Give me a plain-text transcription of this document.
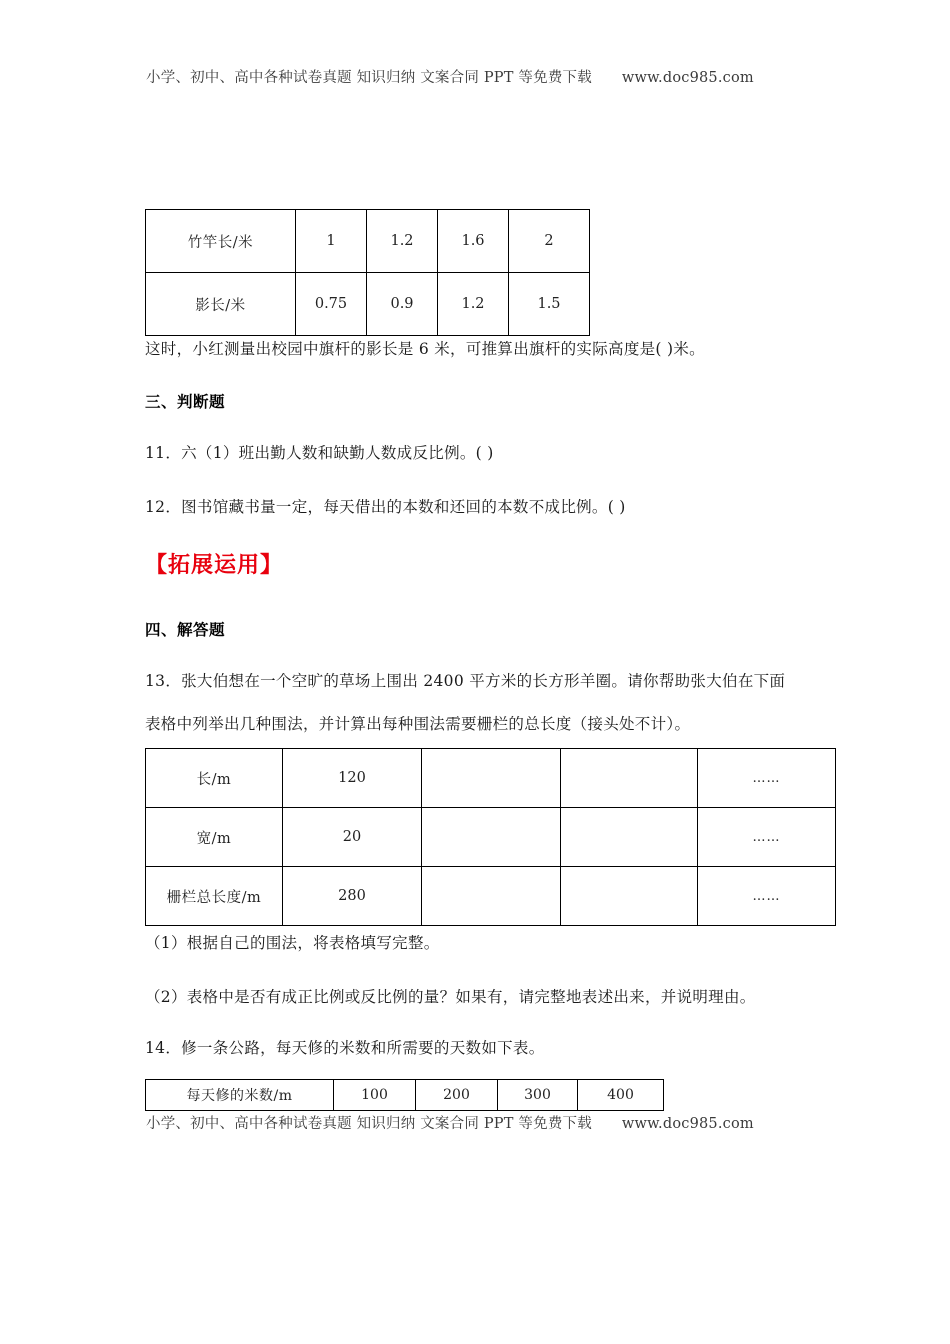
小学、初中、高中各种试卷真题 知识归纳 文案合同 PPT 等免费下载 www.doc985.com
竹竿长/米	1	1.2	1.6	2
影长/米	0.75	0.9	1.2	1.5
这时，小红测量出校园中旗杆的影长是 6 米，可推算出旗杆的实际高度是( )米。
三、判断题
11．六（1）班出勤人数和缺勤人数成反比例。( )
12．图书馆藏书量一定，每天借出的本数和还回的本数不成比例。( )
【拓展运用】
四、解答题
13．张大伯想在一个空旷的草场上围出 2400 平方米的长方形羊圈。请你帮助张大伯在下面
表格中列举出几种围法，并计算出每种围法需要栅栏的总长度（接头处不计）。
长/m	120			……
宽/m	20			……
栅栏总长度/m	280			……
（1）根据自己的围法，将表格填写完整。
（2）表格中是否有成正比例或反比例的量？如果有，请完整地表述出来，并说明理由。
14．修一条公路，每天修的米数和所需要的天数如下表。
每天修的米数/m	100	200	300	400
小学、初中、高中各种试卷真题 知识归纳 文案合同 PPT 等免费下载 www.doc985.com
